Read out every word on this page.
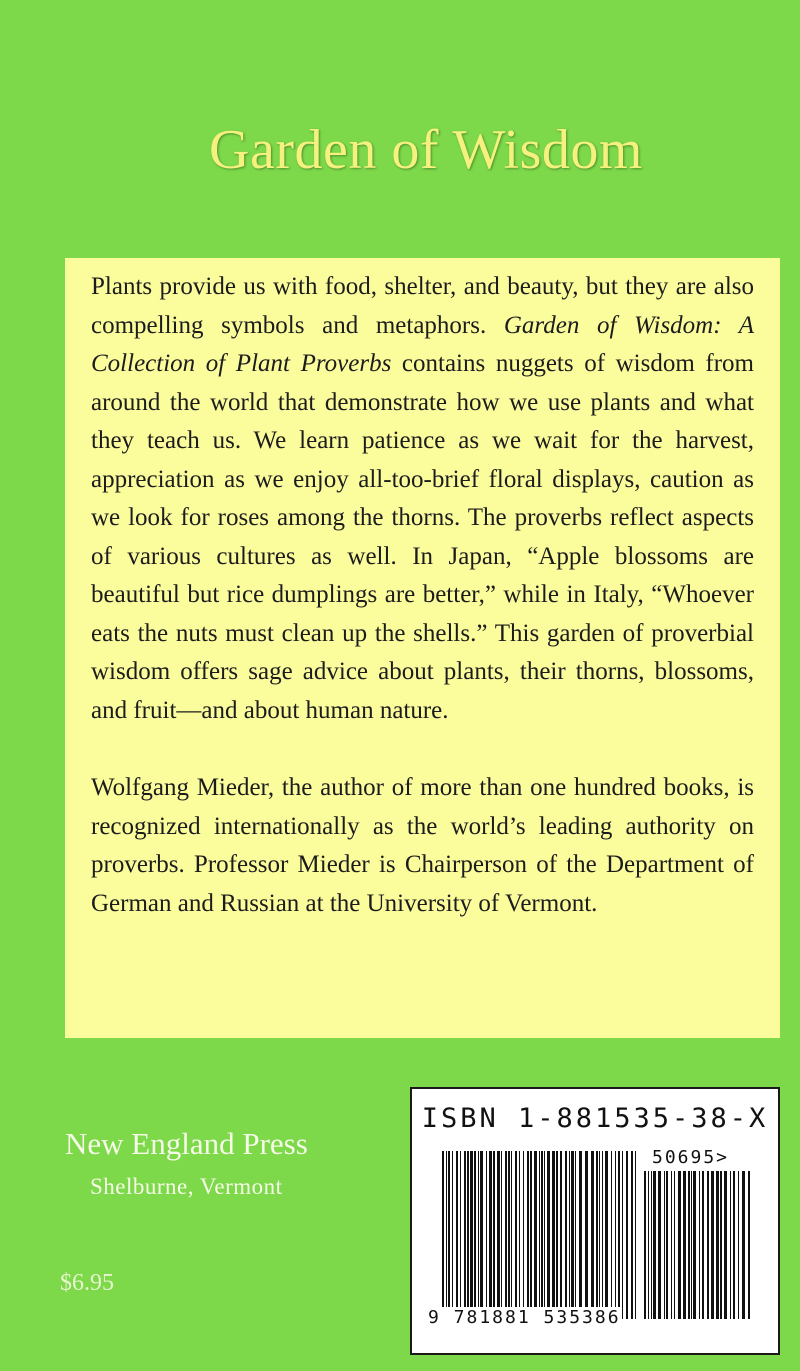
Garden of Wisdom

Plants provide us with food, shelter, and beauty, but they are also compelling symbols and metaphors. Garden of Wisdom: A Collection of Plant Proverbs contains nuggets of wisdom from around the world that demonstrate how we use plants and what they teach us. We learn patience as we wait for the harvest, appreciation as we enjoy all-too-brief floral displays, caution as we look for roses among the thorns. The proverbs reflect aspects of various cultures as well. In Japan, “Apple blossoms are beautiful but rice dumplings are better,” while in Italy, “Whoever eats the nuts must clean up the shells.” This garden of proverbial wisdom offers sage advice about plants, their thorns, blossoms, and fruit—and about human nature.

Wolfgang Mieder, the author of more than one hundred books, is recognized internationally as the world’s leading authority on proverbs. Professor Mieder is Chairperson of the Department of German and Russian at the University of Vermont.

New England Press
Shelburne, Vermont
$6.95
ISBN 1-881535-38-X
50695>
9 781881 535386
